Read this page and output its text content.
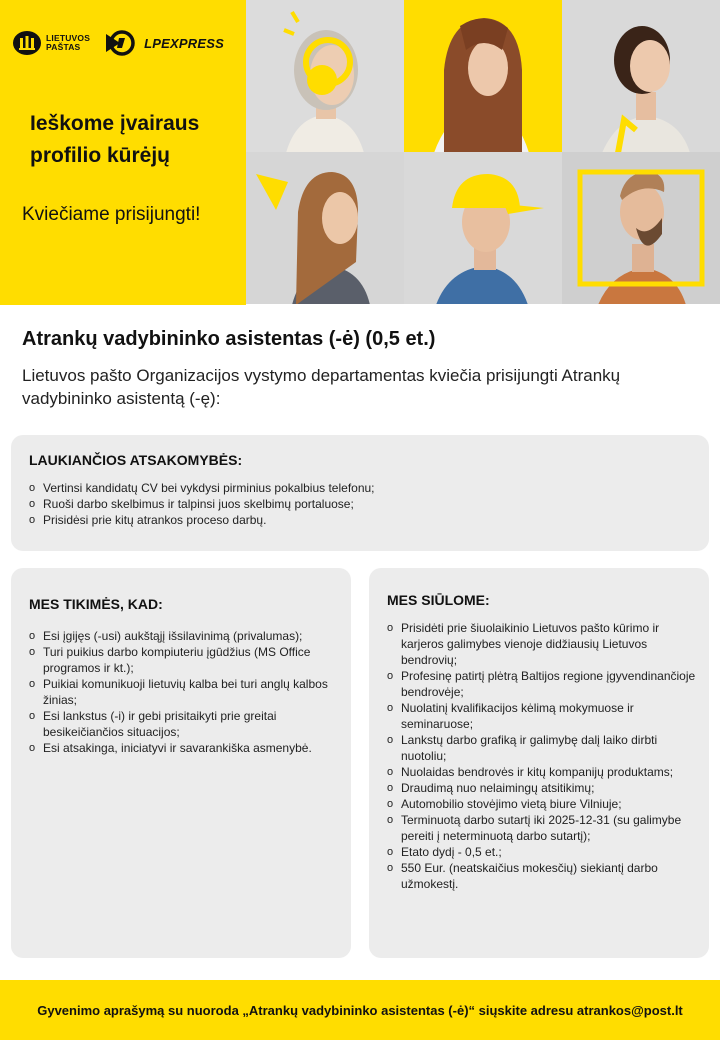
LIETUVOS
PAŠTAS	LPEXPRESS
Ieškome įvairaus profilio kūrėjų
Kviečiame prisijungti!
Atrankų vadybininko asistentas (-ė) (0,5 et.)
Lietuvos pašto Organizacijos vystymo departamentas kviečia prisijungti Atrankų vadybininko asistentą (-ę):
LAUKIANČIOS ATSAKOMYBĖS:
o Vertinsi kandidatų CV bei vykdysi pirminius pokalbius telefonu;
o Ruoši darbo skelbimus ir talpinsi juos skelbimų portaluose;
o Prisidėsi prie kitų atrankos proceso darbų.
MES TIKIMĖS, KAD:
o Esi įgijęs (-usi) aukštąjį išsilavinimą (privalumas);
o Turi puikius darbo kompiuteriu įgūdžius (MS Office programos ir kt.);
o Puikiai komunikuoji lietuvių kalba bei turi anglų kalbos žinias;
o Esi lankstus (-i) ir gebi prisitaikyti prie greitai besikeičiančios situacijos;
o Esi atsakinga, iniciatyvi ir savarankiška asmenybė.
MES SIŪLOME:
o Prisidėti prie šiuolaikinio Lietuvos pašto kūrimo ir karjeros galimybes vienoje didžiausių Lietuvos bendrovių;
o Profesinę patirtį plėtrą Baltijos regione įgyvendinančioje bendrovėje;
o Nuolatinį kvalifikacijos kėlimą mokymuose ir seminaruose;
o Lankstų darbo grafiką ir galimybę dalį laiko dirbti nuotoliu;
o Nuolaidas bendrovės ir kitų kompanijų produktams;
o Draudimą nuo nelaimingų atsitikimų;
o Automobilio stovėjimo vietą biure Vilniuje;
o Terminuotą darbo sutartį iki 2025-12-31 (su galimybe pereiti į neterminuotą darbo sutartį);
o Etato dydį - 0,5 et.;
o 550 Eur. (neatskaičius mokesčių) siekiantį darbo užmokestį.
Gyvenimo aprašymą su nuoroda „Atrankų vadybininko asistentas (-ė)“ siųskite adresu atrankos@post.lt
